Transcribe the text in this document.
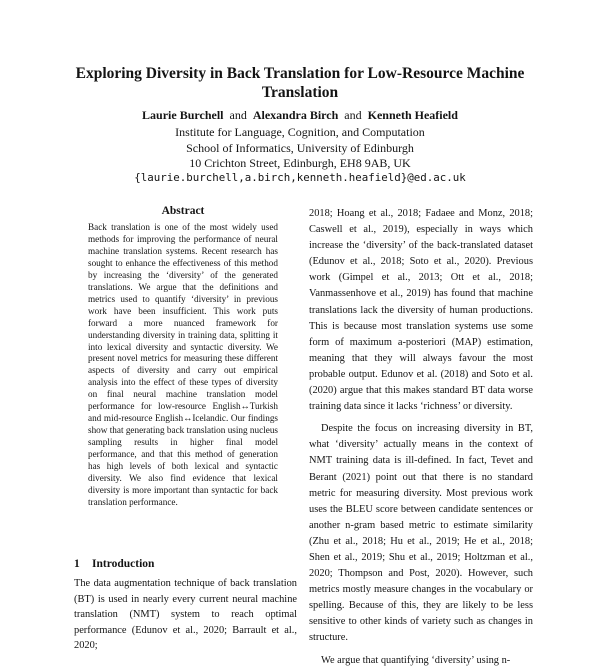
Exploring Diversity in Back Translation for Low-Resource Machine Translation
Laurie Burchell and Alexandra Birch and Kenneth Heafield
Institute for Language, Cognition, and Computation
School of Informatics, University of Edinburgh
10 Crichton Street, Edinburgh, EH8 9AB, UK
{laurie.burchell,a.birch,kenneth.heafield}@ed.ac.uk
Abstract

Back translation is one of the most widely used methods for improving the performance of neural machine translation systems. Recent research has sought to enhance the effectiveness of this method by increasing the ‘diversity’ of the generated translations. We argue that the definitions and metrics used to quantify ‘diversity’ in previous work have been insufficient. This work puts forward a more nuanced framework for understanding diversity in training data, splitting it into lexical diversity and syntactic diversity. We present novel metrics for measuring these different aspects of diversity and carry out empirical analysis into the effect of these types of diversity on final neural machine translation model performance for low-resource English↔Turkish and mid-resource English↔Icelandic. Our findings show that generating back translation using nucleus sampling results in higher final model performance, and that this method of generation has high levels of both lexical and syntactic diversity. We also find evidence that lexical diversity is more important than syntactic for back translation performance.

1 Introduction

The data augmentation technique of back translation (BT) is used in nearly every current neural machine translation (NMT) system to reach optimal performance (Edunov et al., 2020; Barrault et al., 2020;

2018; Hoang et al., 2018; Fadaee and Monz, 2018; Caswell et al., 2019), especially in ways which increase the ‘diversity’ of the back-translated dataset (Edunov et al., 2018; Soto et al., 2020). Previous work (Gimpel et al., 2013; Ott et al., 2018; Vanmassenhove et al., 2019) has found that machine translations lack the diversity of human productions. This is because most translation systems use some form of maximum a-posteriori (MAP) estimation, meaning that they will always favour the most probable output. Edunov et al. (2018) and Soto et al. (2020) argue that this makes standard BT data worse training data since it lacks ‘richness’ or diversity.

Despite the focus on increasing diversity in BT, what ‘diversity’ actually means in the context of NMT training data is ill-defined. In fact, Tevet and Berant (2021) point out that there is no standard metric for measuring diversity. Most previous work uses the BLEU score between candidate sentences or another n-gram based metric to estimate similarity (Zhu et al., 2018; Hu et al., 2019; He et al., 2018; Shen et al., 2019; Shu et al., 2019; Holtzman et al., 2020; Thompson and Post, 2020). However, such metrics mostly measure changes in the vocabulary or spelling. Because of this, they are likely to be less sensitive to other kinds of variety such as changes in structure.

We argue that quantifying ‘diversity’ using n-
